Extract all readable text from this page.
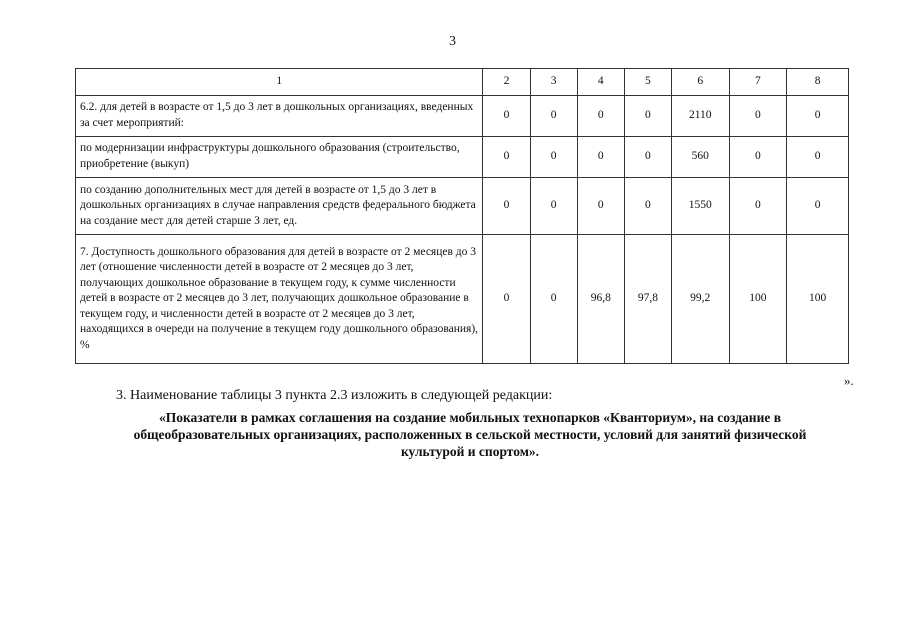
3
1	2	3	4	5	6	7	8
6.2. для детей в возрасте от 1,5 до 3 лет в дошкольных организациях, введенных за счет мероприятий:	0	0	0	0	2110	0	0
по модернизации инфраструктуры дошкольного образования (строительство, приобретение (выкуп)	0	0	0	0	560	0	0
по созданию дополнительных мест для детей в возрасте от 1,5 до 3 лет в дошкольных организациях в случае направления средств федерального бюджета на создание мест для детей старше 3 лет, ед.	0	0	0	0	1550	0	0
7. Доступность дошкольного образования для детей в возрасте от 2 месяцев до 3 лет (отношение численности детей в возрасте от 2 месяцев до 3 лет, получающих дошкольное образование в текущем году, к сумме численности детей в возрасте от 2 месяцев до 3 лет, получающих дошкольное образование в текущем году, и численности детей в возрасте от 2 месяцев до 3 лет, находящихся в очереди на получение в текущем году дошкольного образования), %	0	0	96,8	97,8	99,2	100	100
».
3. Наименование таблицы 3 пункта 2.3 изложить в следующей редакции:
«Показатели в рамках соглашения на создание мобильных технопарков «Кванториум», на создание в общеобразовательных организациях, расположенных в сельской местности, условий для занятий физической культурой и спортом».
